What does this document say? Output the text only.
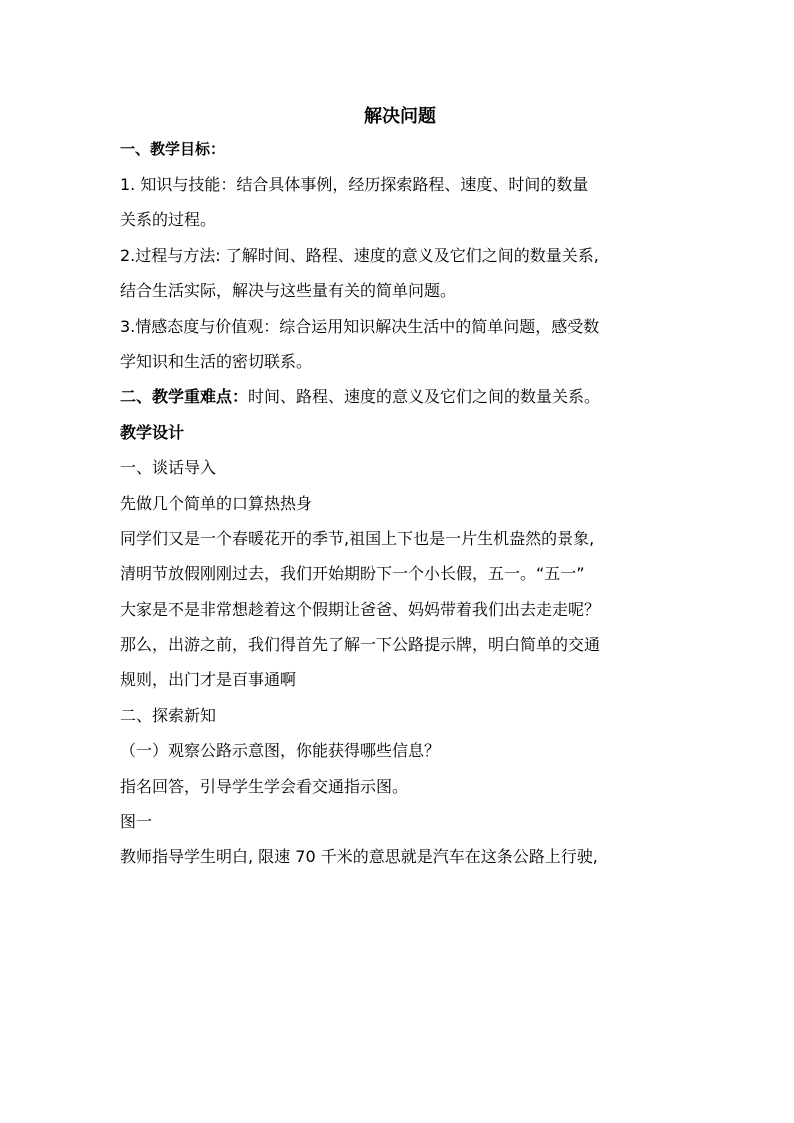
解决问题
一、教学目标：

1. 知识与技能：结合具体事例，经历探索路程、速度、时间的数量

关系的过程。

2.过程与方法: 了解时间、路程、速度的意义及它们之间的数量关系,

结合生活实际，解决与这些量有关的简单问题。

3.情感态度与价值观：综合运用知识解决生活中的简单问题，感受数

学知识和生活的密切联系。

二、教学重难点：时间、路程、速度的意义及它们之间的数量关系。

教学设计

一、谈话导入

先做几个简单的口算热热身

同学们又是一个春暖花开的季节,祖国上下也是一片生机盎然的景象,

清明节放假刚刚过去，我们开始期盼下一个小长假，五一。“五一”

大家是不是非常想趁着这个假期让爸爸、妈妈带着我们出去走走呢？

那么，出游之前，我们得首先了解一下公路提示牌，明白简单的交通

规则，出门才是百事通啊

二、探索新知

（一）观察公路示意图，你能获得哪些信息？

指名回答，引导学生学会看交通指示图。

图一

教师指导学生明白, 限速 70 千米的意思就是汽车在这条公路上行驶,
